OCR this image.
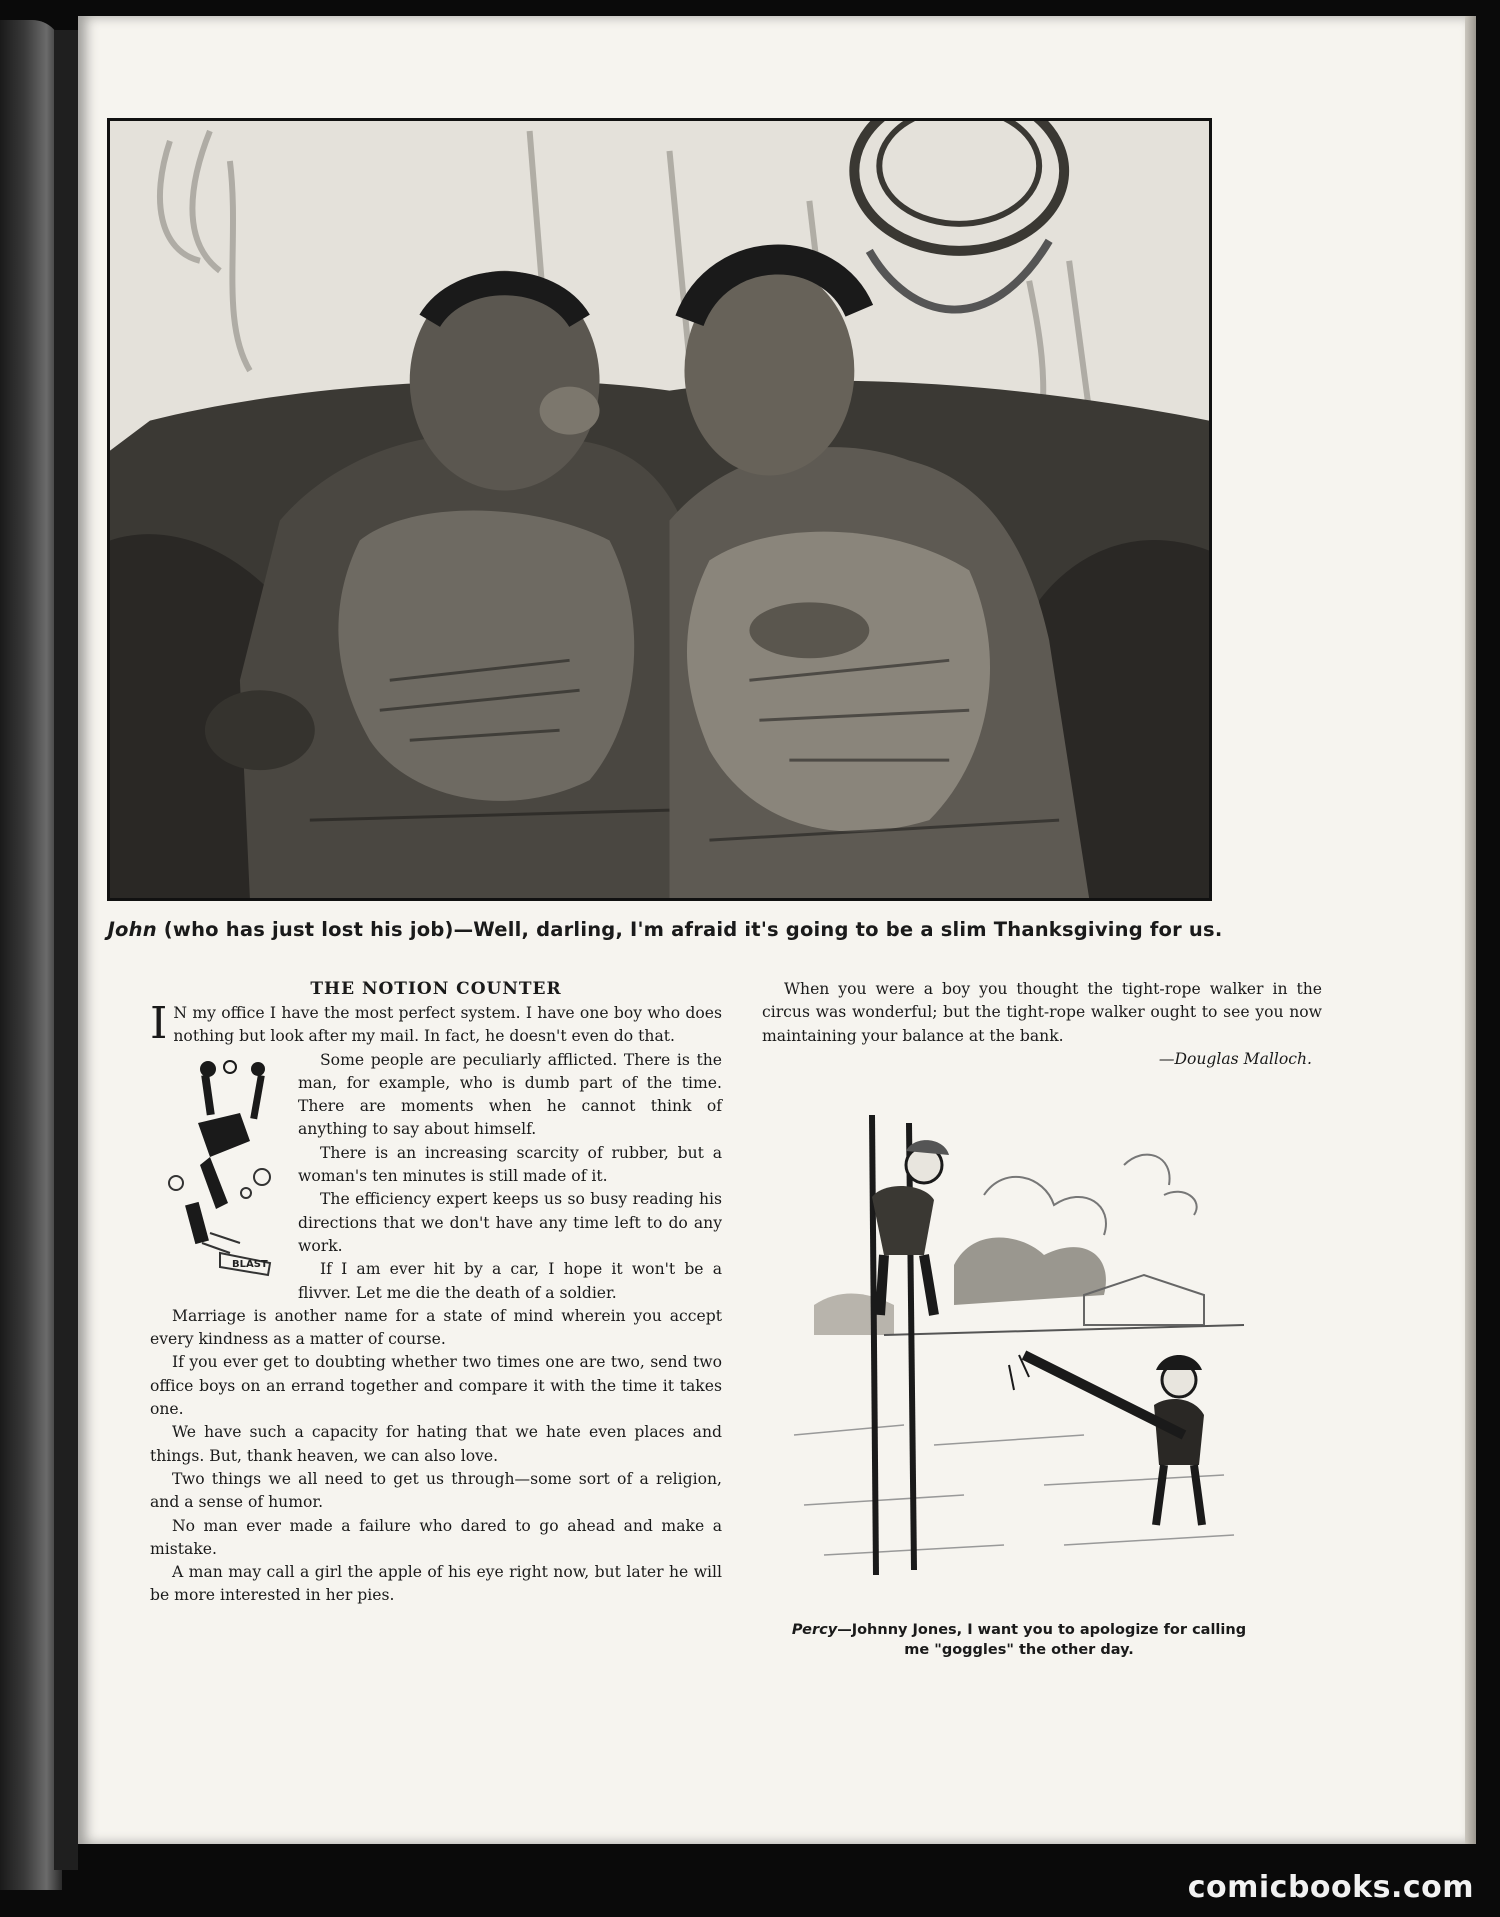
John (who has just lost his job)—Well, darling, I'm afraid it's going to be a slim Thanksgiving for us.
THE NOTION COUNTER

I N my office I have the most perfect system. I have one boy who does nothing but look after my mail. In fact, he doesn't even do that.

BLAST

Some people are peculiarly afflicted. There is the man, for example, who is dumb part of the time. There are moments when he cannot think of anything to say about himself.

There is an increasing scarcity of rubber, but a woman's ten minutes is still made of it.

The efficiency expert keeps us so busy reading his directions that we don't have any time left to do any work.

If I am ever hit by a car, I hope it won't be a flivver. Let me die the death of a soldier.

Marriage is another name for a state of mind wherein you accept every kindness as a matter of course.

If you ever get to doubting whether two times one are two, send two office boys on an errand together and compare it with the time it takes one.

We have such a capacity for hating that we hate even places and things. But, thank heaven, we can also love.

Two things we all need to get us through—some sort of a religion, and a sense of humor.

No man ever made a failure who dared to go ahead and make a mistake.

A man may call a girl the apple of his eye right now, but later he will be more interested in her pies.

When you were a boy you thought the tight-rope walker in the circus was wonderful; but the tight-rope walker ought to see you now maintaining your balance at the bank.

—Douglas Malloch.

Percy—Johnny Jones, I want you to apologize for calling me "goggles" the other day.
comicbooks.com
